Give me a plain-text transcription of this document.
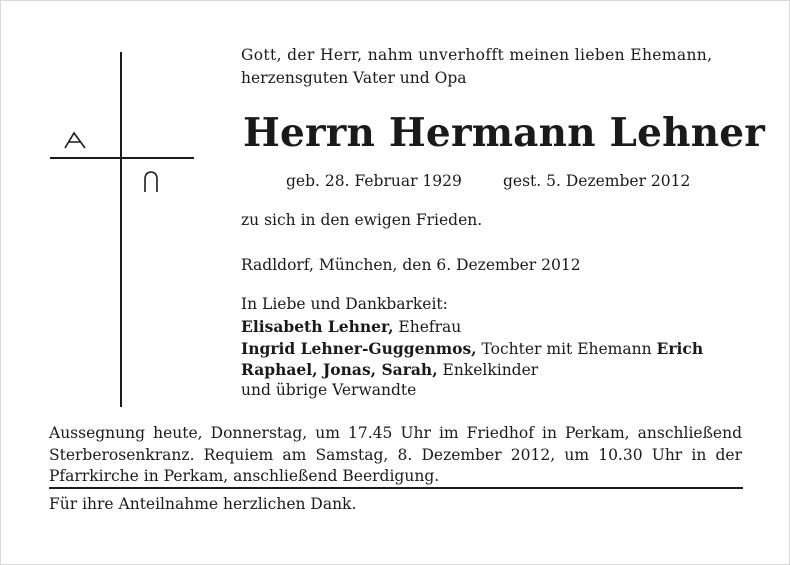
Gott, der Herr, nahm unverhofft meinen lieben Ehemann,
herzensguten Vater und Opa
Herrn Hermann Lehner
geb. 28. Februar 1929	gest. 5. Dezember 2012
zu sich in den ewigen Frieden.
Radldorf, München, den 6. Dezember 2012
In Liebe und Dankbarkeit:
Elisabeth Lehner, Ehefrau
Ingrid Lehner-Guggenmos, Tochter mit Ehemann Erich
Raphael, Jonas, Sarah, Enkelkinder
und übrige Verwandte
Aussegnung heute, Donnerstag, um 17.45 Uhr im Friedhof in Perkam, anschließend
Sterberosenkranz. Requiem am Samstag, 8. Dezember 2012, um 10.30 Uhr in der
Pfarrkirche in Perkam, anschließend Beerdigung.
Für ihre Anteilnahme herzlichen Dank.
